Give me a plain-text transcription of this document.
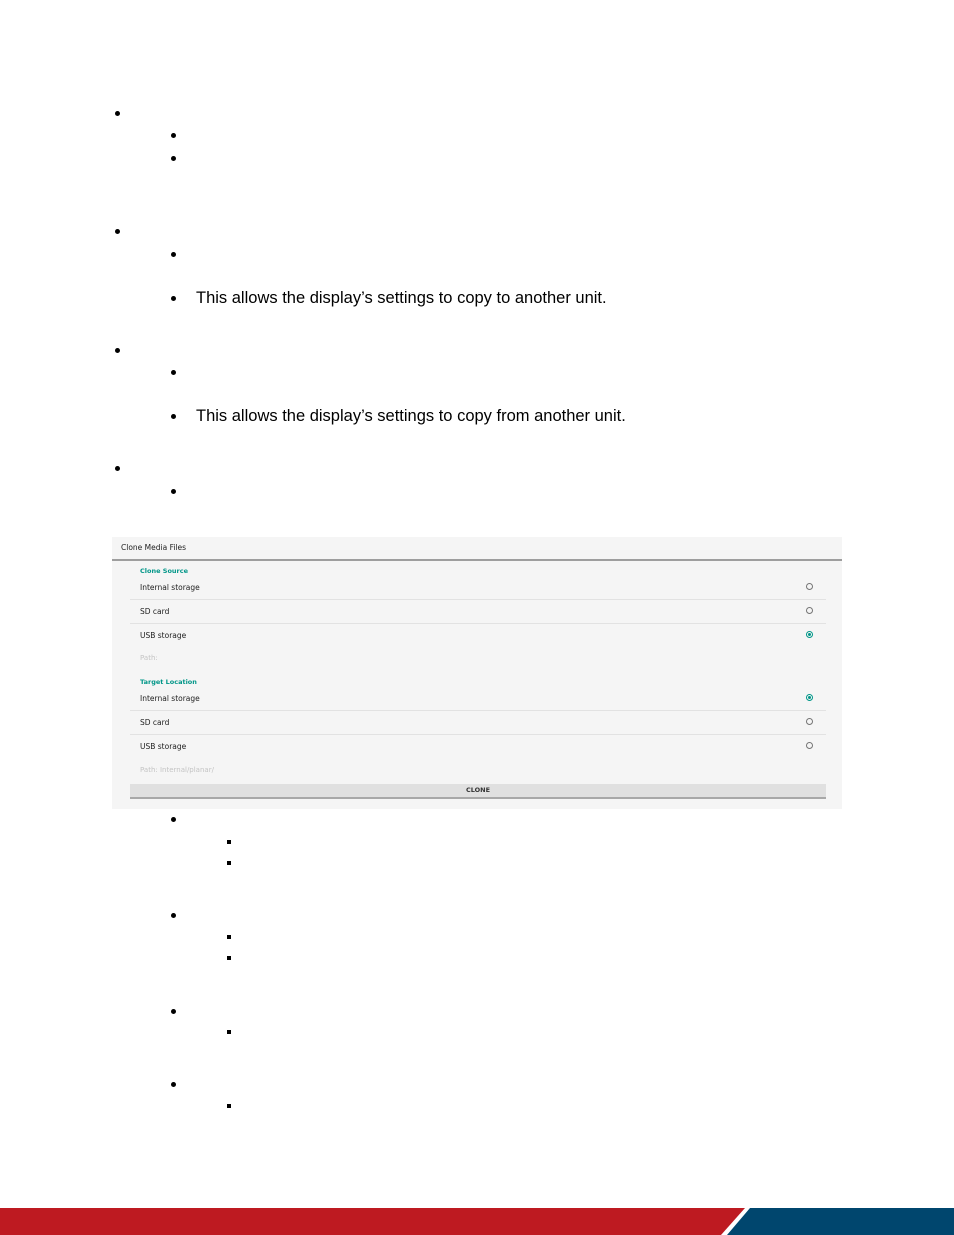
This allows the display’s settings to copy to another unit.
This allows the display’s settings to copy from another unit.
Clone Media Files
Clone Source
Internal storage
SD card
USB storage
Path:
Target Location
Internal storage
SD card
USB storage
Path: Internal/planar/
CLONE
